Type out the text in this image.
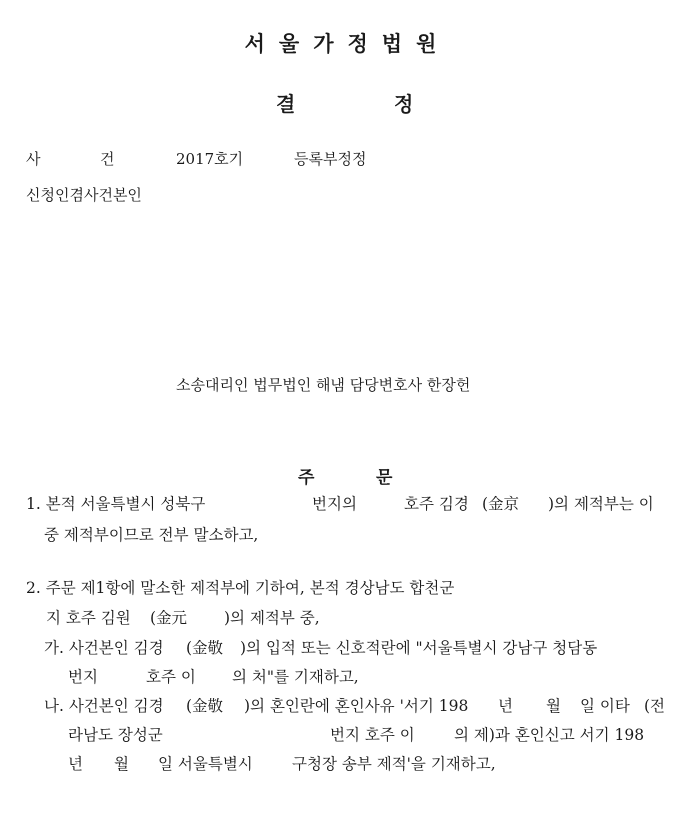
서울가정법원
결	정
사	건	2017호기	등록부정정
신청인겸사건본인
소송대리인 법무법인 해냄 담당변호사 한장헌
주	문
1. 본적 서울특별시 성북구	번지의	호주 김경 (金京 )의 제적부는 이
중 제적부이므로 전부 말소하고,
2. 주문 제1항에 말소한 제적부에 기하여, 본적 경상남도 합천군
지 호주 김원 (金元 )의 제적부 중,
가. 사건본인 김경 (金敬 )의 입적 또는 신호적란에 "서울특별시 강남구 청담동
번지	호주 이 의 처"를 기재하고,
나. 사건본인 김경 (金敬 )의 혼인란에 혼인사유 '서기 198 년 월 일 이타 (전
라남도 장성군	번지 호주 이	의 제)과 혼인신고 서기 198
년 월 일 서울특별시	구청장 송부 제적'을 기재하고,
